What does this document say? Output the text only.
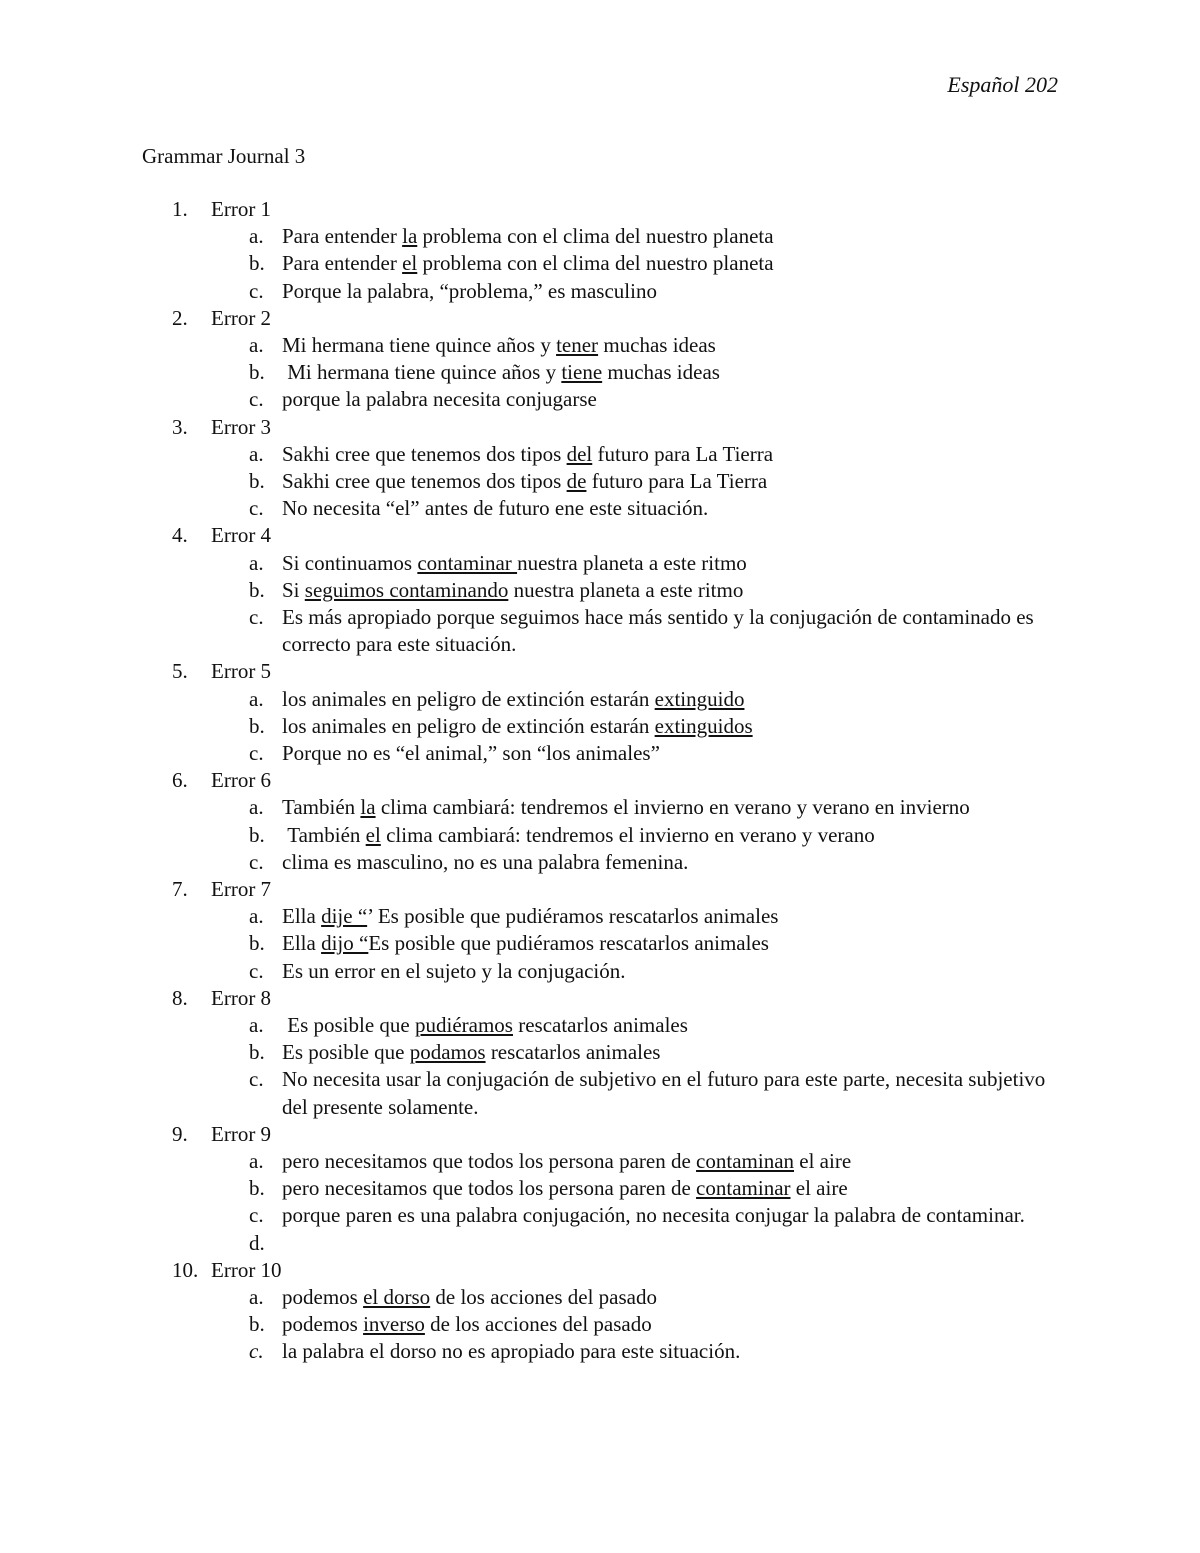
Español 202
Grammar Journal 3
1. Error 1
a. Para entender la problema con el clima del nuestro planeta
b. Para entender el problema con el clima del nuestro planeta
c. Porque la palabra, “problema,” es masculino
2. Error 2
a. Mi hermana tiene quince años y tener muchas ideas
b. Mi hermana tiene quince años y tiene muchas ideas
c. porque la palabra necesita conjugarse
3. Error 3
a. Sakhi cree que tenemos dos tipos del futuro para La Tierra
b. Sakhi cree que tenemos dos tipos de futuro para La Tierra
c. No necesita “el” antes de futuro ene este situación.
4. Error 4
a. Si continuamos contaminar nuestra planeta a este ritmo
b. Si seguimos contaminando nuestra planeta a este ritmo
c. Es más apropiado porque seguimos hace más sentido y la conjugación de contaminado es correcto para este situación.
5. Error 5
a. los animales en peligro de extinción estarán extinguido
b. los animales en peligro de extinción estarán extinguidos
c. Porque no es “el animal,” son “los animales”
6. Error 6
a. También la clima cambiará: tendremos el invierno en verano y verano en invierno
b. También el clima cambiará: tendremos el invierno en verano y verano
c. clima es masculino, no es una palabra femenina.
7. Error 7
a. Ella dije “’ Es posible que pudiéramos rescatarlos animales
b. Ella dijo “Es posible que pudiéramos rescatarlos animales
c. Es un error en el sujeto y la conjugación.
8. Error 8
a. Es posible que pudiéramos rescatarlos animales
b. Es posible que podamos rescatarlos animales
c. No necesita usar la conjugación de subjetivo en el futuro para este parte, necesita subjetivo del presente solamente.
9. Error 9
a. pero necesitamos que todos los persona paren de contaminan el aire
b. pero necesitamos que todos los persona paren de contaminar el aire
c. porque paren es una palabra conjugación, no necesita conjugar la palabra de contaminar.
d.
10. Error 10
a. podemos el dorso de los acciones del pasado
b. podemos inverso de los acciones del pasado
c. la palabra el dorso no es apropiado para este situación.
